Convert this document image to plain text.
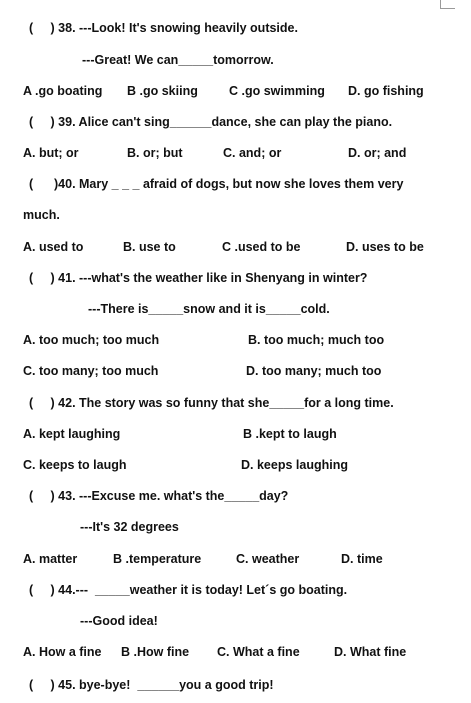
(     ) 38. ---Look! It's snowing heavily outside.
---Great! We can_____tomorrow.
A .go boating B .go skiing C .go swimming D. go fishing
(     ) 39. Alice can't sing______dance, she can play the piano.
A. but; or	B. or; but	C. and; or	D. or; and
(      )40. Mary _ _ _ afraid of dogs, but now she loves them very
much.
A. used to	B. use to	C .used to be	D. uses to be
(     ) 41. ---what's the weather like in Shenyang in winter?
---There is_____snow and it is_____cold.
A. too much; too much	B. too much; much too
C. too many; too much	D. too many; much too
(     ) 42. The story was so funny that she_____for a long time.
A. kept laughing	B .kept to laugh
C. keeps to laugh	D. keeps laughing
(     ) 43. ---Excuse me. what's the_____day?
---It's 32 degrees
A. matter	B .temperature	C. weather	D. time
(     ) 44.---  _____weather it is today! Let´s go boating.
---Good idea!
A. How a fine B .How fine C. What a fine	D. What fine
(     ) 45. bye-bye!  ______you a good trip!
